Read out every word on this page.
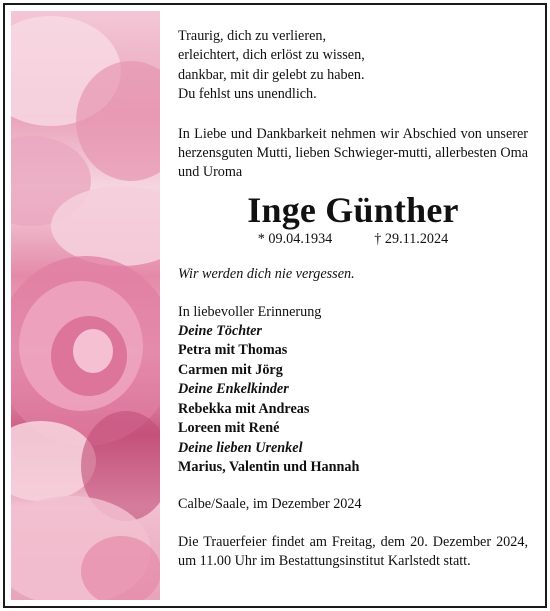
Traurig, dich zu verlieren,

erleichtert, dich erlöst zu wissen,

dankbar, mit dir gelebt zu haben.

Du fehlst uns unendlich.

In Liebe und Dankbarkeit nehmen wir Abschied von unserer herzensguten Mutti, lieben Schwieger-mutti, allerbesten Oma und Uroma

Inge Günther

* 09.04.1934	† 29.11.2024

Wir werden dich nie vergessen.

In liebevoller Erinnerung

Deine Töchter

Petra mit Thomas

Carmen mit Jörg

Deine Enkelkinder

Rebekka mit Andreas

Loreen mit René

Deine lieben Urenkel

Marius, Valentin und Hannah

Calbe/Saale, im Dezember 2024

Die Trauerfeier findet am Freitag, dem 20. Dezember 2024, um 11.00 Uhr im Bestattungsinstitut Karlstedt statt.
